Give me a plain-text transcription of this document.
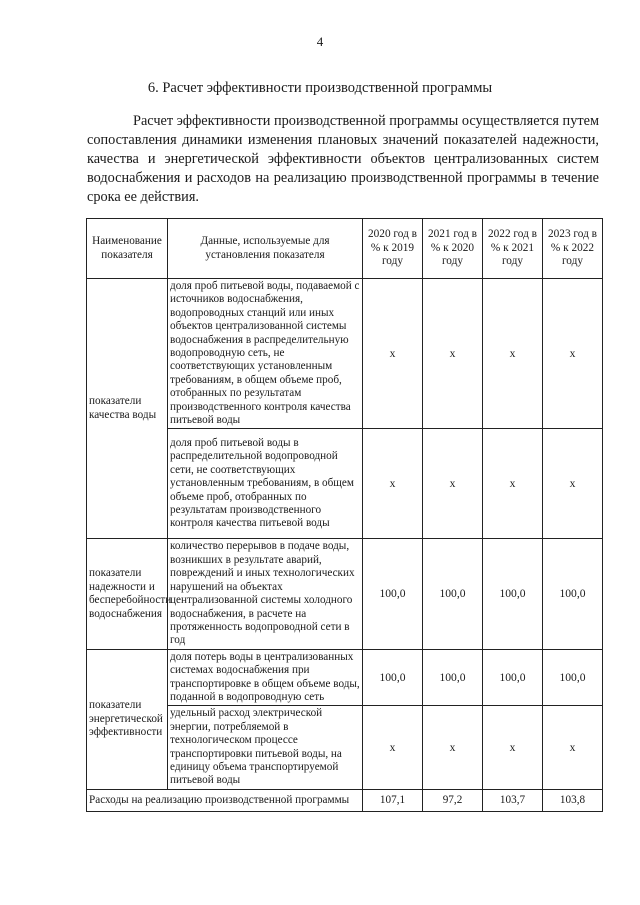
4
6. Расчет эффективности производственной программы

Расчет эффективности производственной программы осуществляется путем сопоставления динамики изменения плановых значений показателей надежности, качества и энергетической эффективности объектов централизованных систем водоснабжения и расходов на реализацию производственной программы в течение срока ее действия.

Наименование показателя	Данные, используемые для установления показателя	2020 год в % к 2019 году	2021 год в % к 2020 году	2022 год в % к 2021 году	2023 год в % к 2022 году
показатели качества воды	доля проб питьевой воды, подаваемой с источников водоснабжения, водопроводных станций или иных объектов централизованной системы водоснабжения в распределительную водопроводную сеть, не соответствующих установленным требованиям, в общем объеме проб, отобранных по результатам производственного контроля качества питьевой воды	х	х	х	х
	доля проб питьевой воды в распределительной водопроводной сети, не соответствующих установленным требованиям, в общем объеме проб, отобранных по результатам производственного контроля качества питьевой воды	х	х	х	х
показатели надежности и бесперебойности водоснабжения	количество перерывов в подаче воды, возникших в результате аварий, повреждений и иных технологических нарушений на объектах централизованной системы холодного водоснабжения, в расчете на протяженность водопроводной сети в год	100,0	100,0	100,0	100,0
показатели энергетической эффективности	доля потерь воды в централизованных системах водоснабжения при транспортировке в общем объеме воды, поданной в водопроводную сеть	100,0	100,0	100,0	100,0
	удельный расход электрической энергии, потребляемой в технологическом процессе транспортировки питьевой воды, на единицу объема транспортируемой питьевой воды	х	х	х	х
Расходы на реализацию производственной программы		107,1	97,2	103,7	103,8
